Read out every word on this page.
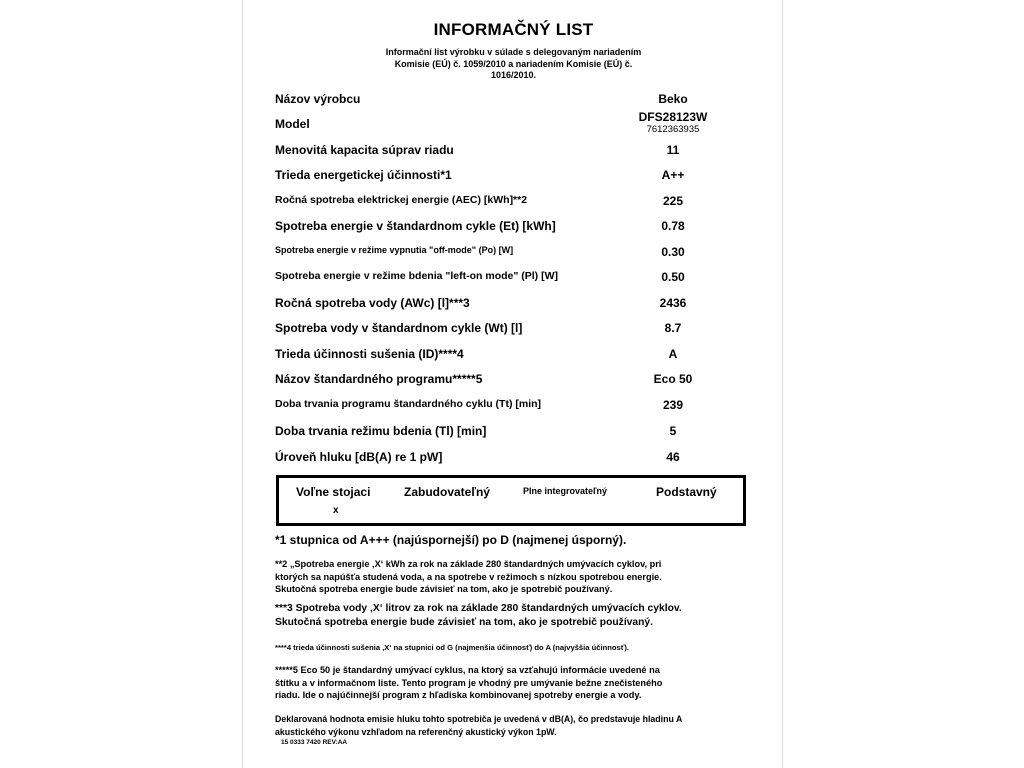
INFORMAČNÝ LIST
Informační list výrobku v súlade s delegovaným nariadením
Komisie (EÚ) č. 1059/2010 a nariadením Komisie (EÚ) č.
1016/2010.
Názov výrobcu	Beko
Model	DFS28123W
7612363935
Menovitá kapacita súprav riadu	11
Trieda energetickej účinnosti*1	A++
Ročná spotreba elektrickej energie (AEC) [kWh]**2	225
Spotreba energie v štandardnom cykle (Et) [kWh]	0.78
Spotreba energie v režime vypnutia "off-mode" (Po) [W]	0.30
Spotreba energie v režime bdenia "left-on mode" (Pl) [W]	0.50
Ročná spotreba vody (AWc) [l]***3	2436
Spotreba vody v štandardnom cykle (Wt) [l]	8.7
Trieda účinnosti sušenia (ID)****4	A
Názov štandardného programu*****5	Eco 50
Doba trvania programu štandardného cyklu (Tt) [min]	239
Doba trvania režimu bdenia (Tl) [min]	5
Úroveň hluku [dB(A) re 1 pW]	46
Voľne stojaci	Zabudovateľný	Plne integrovateľný	Podstavný
x

*1 stupnica od A+++ (najúspornejší) po D (najmenej úsporný).

**2 „Spotreba energie ‚X‘ kWh za rok na základe 280 štandardných umývacích cyklov, pri

ktorých sa napúšťa studená voda, a na spotrebe v režimoch s nízkou spotrebou energie.

Skutočná spotreba energie bude závisieť na tom, ako je spotrebič používaný.

***3 Spotreba vody ‚X‘ litrov za rok na základe 280 štandardných umývacích cyklov.

Skutočná spotreba energie bude závisieť na tom, ako je spotrebič používaný.

****4 trieda účinnosti sušenia ‚X‘ na stupnici od G (najmenšia účinnosť) do A (najvyššia účinnosť).

*****5 Eco 50 je štandardný umývací cyklus, na ktorý sa vzťahujú informácie uvedené na

štítku a v informačnom liste. Tento program je vhodný pre umývanie bežne znečisteného

riadu. Ide o najúčinnejší program z hľadiska kombinovanej spotreby energie a vody.

Deklarovaná hodnota emisie hluku tohto spotrebiča je uvedená v dB(A), čo predstavuje hladinu A

akustického výkonu vzhľadom na referenčný akustický výkon 1pW.

15 0333 7420 REV:AA
